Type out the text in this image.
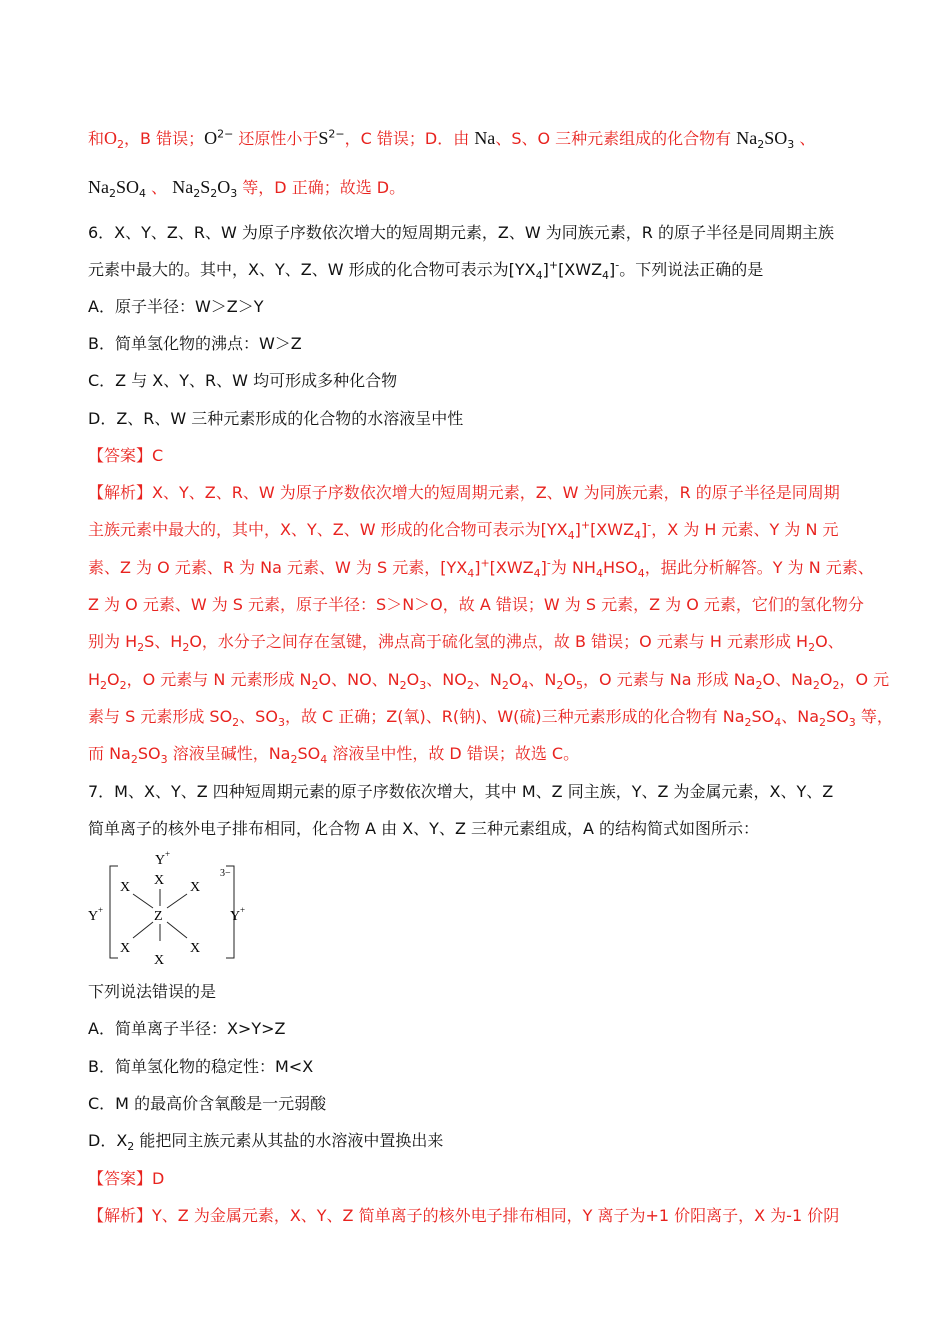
和$O_2$，B 错误；$O^{2-}$ 还原性小于$S^{2-}$，C 错误；D．由 Na、S、O 三种元素组成的化合物有 $Na_2SO_3$ 、
$Na_2SO_4$ 、 $Na_2S_2O_3$ 等，D 正确；故选 D。
6．X、Y、Z、R、W 为原子序数依次增大的短周期元素，Z、W 为同族元素，R 的原子半径是同周期主族
元素中最大的。其中，X、Y、Z、W 形成的化合物可表示为$[YX_4]^+[XWZ_4]^-$。下列说法正确的是
A．原子半径：W＞Z＞Y
B．简单氢化物的沸点：W＞Z
C．Z 与 X、Y、R、W 均可形成多种化合物
D．Z、R、W 三种元素形成的化合物的水溶液呈中性
【答案】C
【解析】X、Y、Z、R、W 为原子序数依次增大的短周期元素，Z、W 为同族元素，R 的原子半径是同周期
主族元素中最大的，其中，X、Y、Z、W 形成的化合物可表示为$[YX_4]^+[XWZ_4]^-$，X 为 H 元素、Y 为 N 元
素、Z 为 O 元素、R 为 Na 元素、W 为 S 元素，$[YX_4]^+[XWZ_4]^-$为 $NH_4HSO_4$，据此分析解答。Y 为 N 元素、
Z 为 O 元素、W 为 S 元素，原子半径：S＞N＞O，故 A 错误；W 为 S 元素，Z 为 O 元素，它们的氢化物分
别为 $H_2S$、$H_2O$，水分子之间存在氢键，沸点高于硫化氢的沸点，故 B 错误；O 元素与 H 元素形成 $H_2O$、
$H_2O_2$，O 元素与 N 元素形成 $N_2O$、NO、$N_2O_3$、$NO_2$、$N_2O_4$、$N_2O_5$，O 元素与 Na 形成 $Na_2O$、$Na_2O_2$，O 元
素与 S 元素形成 $SO_2$、$SO_3$，故 C 正确；Z(氧)、R(钠)、W(硫)三种元素形成的化合物有 $Na_2SO_4$、$Na_2SO_3$ 等，
而 $Na_2SO_3$ 溶液呈碱性，$Na_2SO_4$ 溶液呈中性，故 D 错误；故选 C。
7．M、X、Y、Z 四种短周期元素的原子序数依次增大，其中 M、Z 同主族，Y、Z 为金属元素，X、Y、Z
简单离子的核外电子排布相同，化合物 A 由 X、Y、Z 三种元素组成，A 的结构简式如图所示：
Y +
X
X	X
Z
X	X
X
Y +	Y +
3−
下列说法错误的是
A．简单离子半径：X>Y>Z
B．简单氢化物的稳定性：M<X
C．M 的最高价含氧酸是一元弱酸
D．$X_2$ 能把同主族元素从其盐的水溶液中置换出来
【答案】D
【解析】Y、Z 为金属元素，X、Y、Z 简单离子的核外电子排布相同，Y 离子为+1 价阳离子，X 为-1 价阴
